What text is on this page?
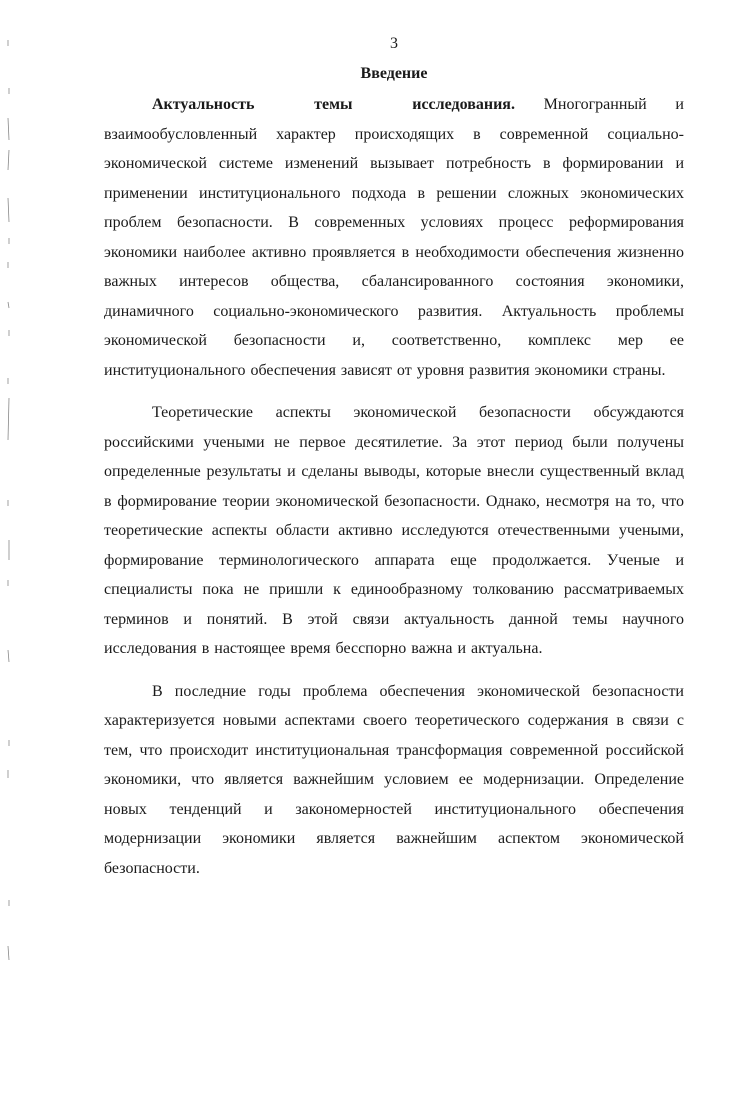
3
Введение

Актуальность темы исследования. Многогранный и взаимообусловленный характер происходящих в современной социально-экономической системе изменений вызывает потребность в формировании и применении институционального подхода в решении сложных экономических проблем безопасности. В современных условиях процесс реформирования экономики наиболее активно проявляется в необходимости обеспечения жизненно важных интересов общества, сбалансированного состояния экономики, динамичного социально-экономического развития. Актуальность проблемы экономической безопасности и, соответственно, комплекс мер ее институционального обеспечения зависят от уровня развития экономики страны.

Теоретические аспекты экономической безопасности обсуждаются российскими учеными не первое десятилетие. За этот период были получены определенные результаты и сделаны выводы, которые внесли существенный вклад в формирование теории экономической безопасности. Однако, несмотря на то, что теоретические аспекты области активно исследуются отечественными учеными, формирование терминологического аппарата еще продолжается. Ученые и специалисты пока не пришли к единообразному толкованию рассматриваемых терминов и понятий. В этой связи актуальность данной темы научного исследования в настоящее время бесспорно важна и актуальна.

В последние годы проблема обеспечения экономической безопасности характеризуется новыми аспектами своего теоретического содержания в связи с тем, что происходит институциональная трансформация современной российской экономики, что является важнейшим условием ее модернизации. Определение новых тенденций и закономерностей институционального обеспечения модернизации экономики является важнейшим аспектом экономической безопасности.
